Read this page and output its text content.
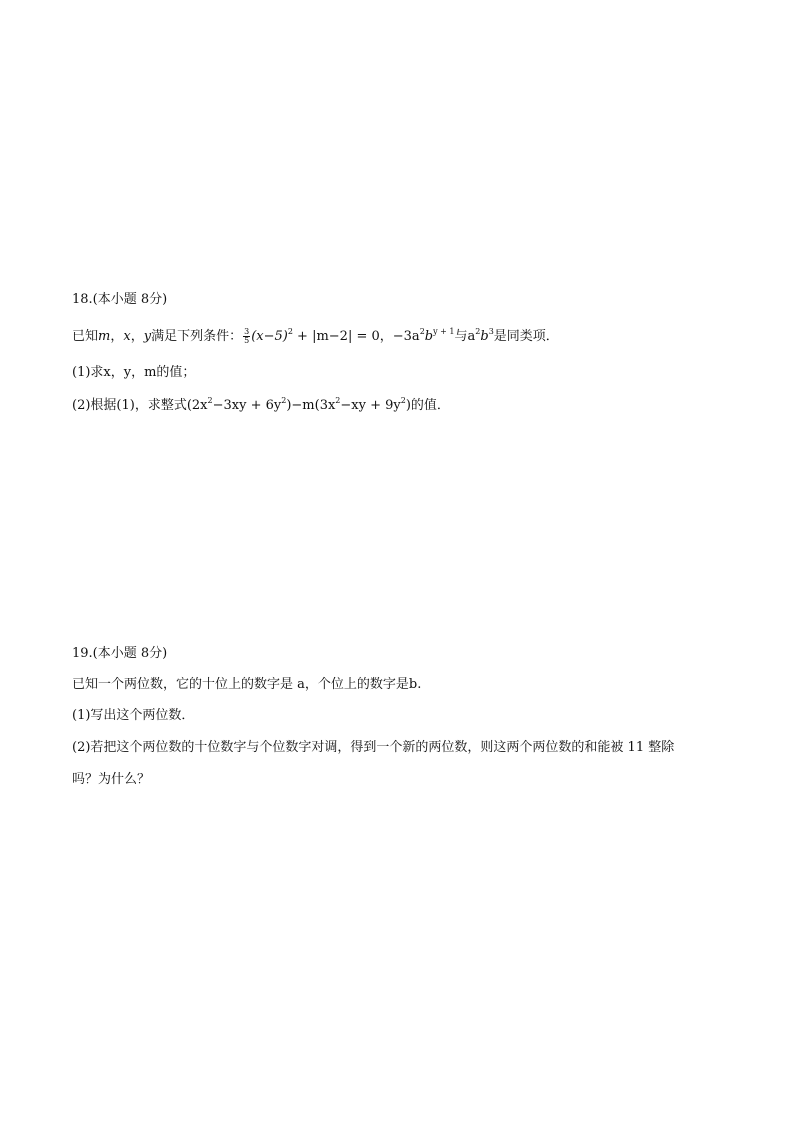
18.(本小题 8分)
已知m，x，y满足下列条件： $\frac{3}{5} (x-5)^2 + |m-2| = 0$，$-3a^2b^{y + 1}$与$a^2b^3$是同类项．
(1)求x，y，m的值；
(2)根据(1)，求整式$(2x^2-3xy + 6y^2)-m(3x^2-xy + 9y^2)$的值．
19.(本小题 8分)
已知一个两位数，它的十位上的数字是 a，个位上的数字是b.
(1)写出这个两位数．
(2)若把这个两位数的十位数字与个位数字对调，得到一个新的两位数，则这两个两位数的和能被 11 整除
吗？为什么？
